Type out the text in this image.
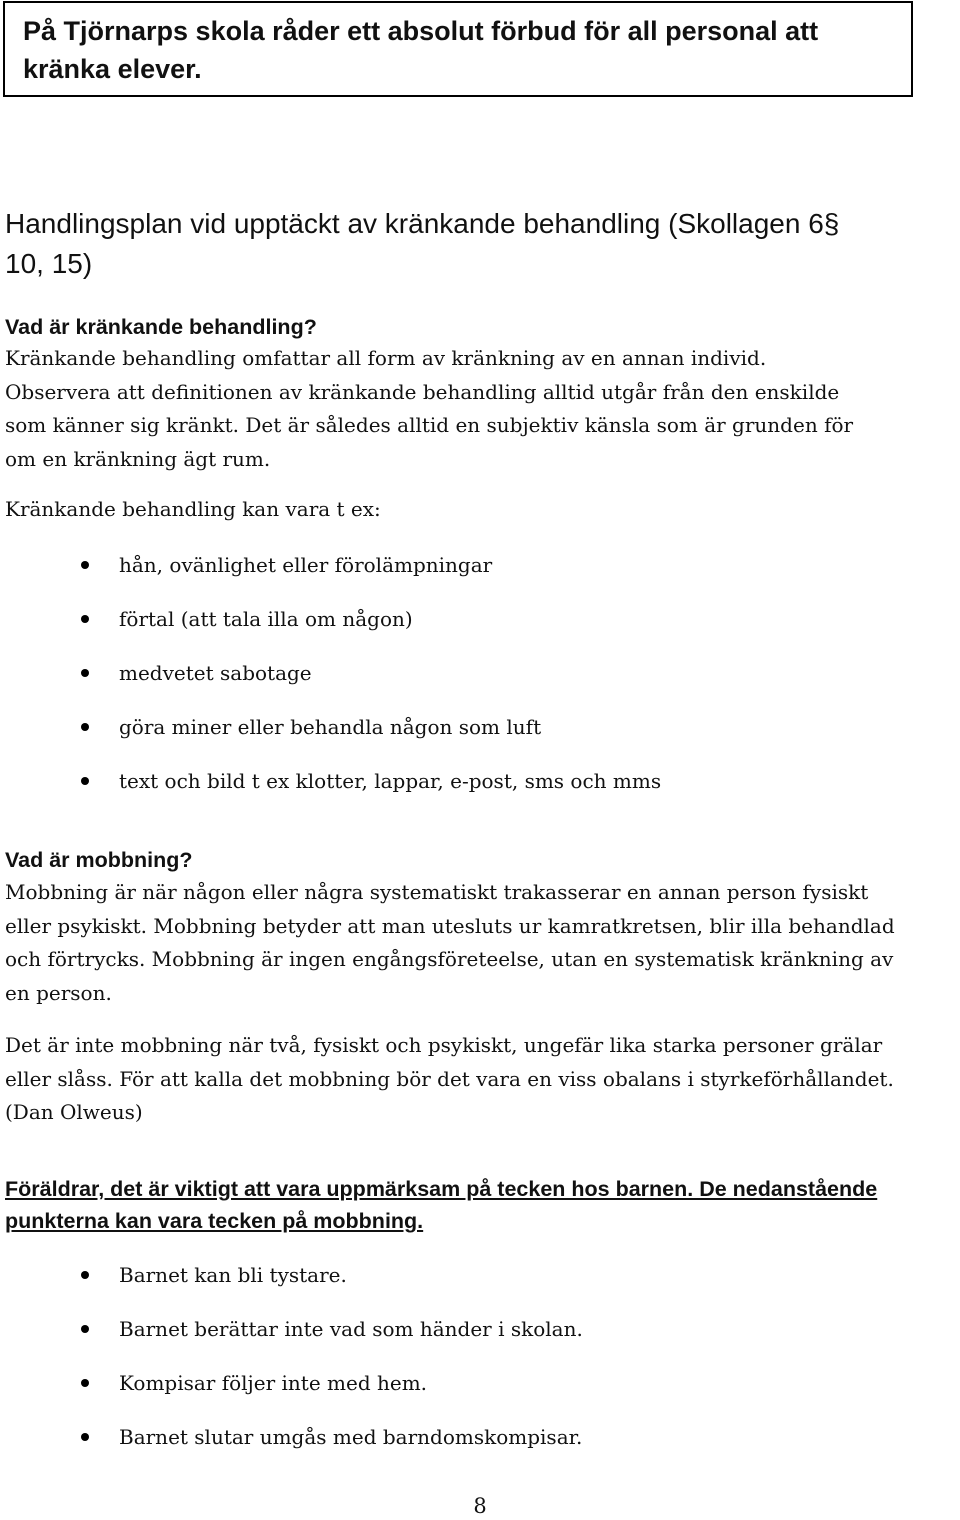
På Tjörnarps skola råder ett absolut förbud för all personal att
kränka elever.

Handlingsplan vid upptäckt av kränkande behandling (Skollagen 6§
10, 15)
Vad är kränkande behandling?

Kränkande behandling omfattar all form av kränkning av en annan individ.
Observera att definitionen av kränkande behandling alltid utgår från den enskilde
som känner sig kränkt. Det är således alltid en subjektiv känsla som är grunden för
om en kränkning ägt rum.

Kränkande behandling kan vara t ex:

hån, ovänlighet eller förolämpningar
förtal (att tala illa om någon)
medvetet sabotage
göra miner eller behandla någon som luft
text och bild t ex klotter, lappar, e-post, sms och mms
Vad är mobbning?

Mobbning är när någon eller några systematiskt trakasserar en annan person fysiskt
eller psykiskt. Mobbning betyder att man utesluts ur kamratkretsen, blir illa behandlad
och förtrycks. Mobbning är ingen engångsföreteelse, utan en systematisk kränkning av
en person.

Det är inte mobbning när två, fysiskt och psykiskt, ungefär lika starka personer grälar
eller slåss. För att kalla det mobbning bör det vara en viss obalans i styrkeförhållandet.
(Dan Olweus)

Föräldrar, det är viktigt att vara uppmärksam på tecken hos barnen. De nedanstående
punkterna kan vara tecken på mobbning.

Barnet kan bli tystare.
Barnet berättar inte vad som händer i skolan.
Kompisar följer inte med hem.
Barnet slutar umgås med barndomskompisar.
8
